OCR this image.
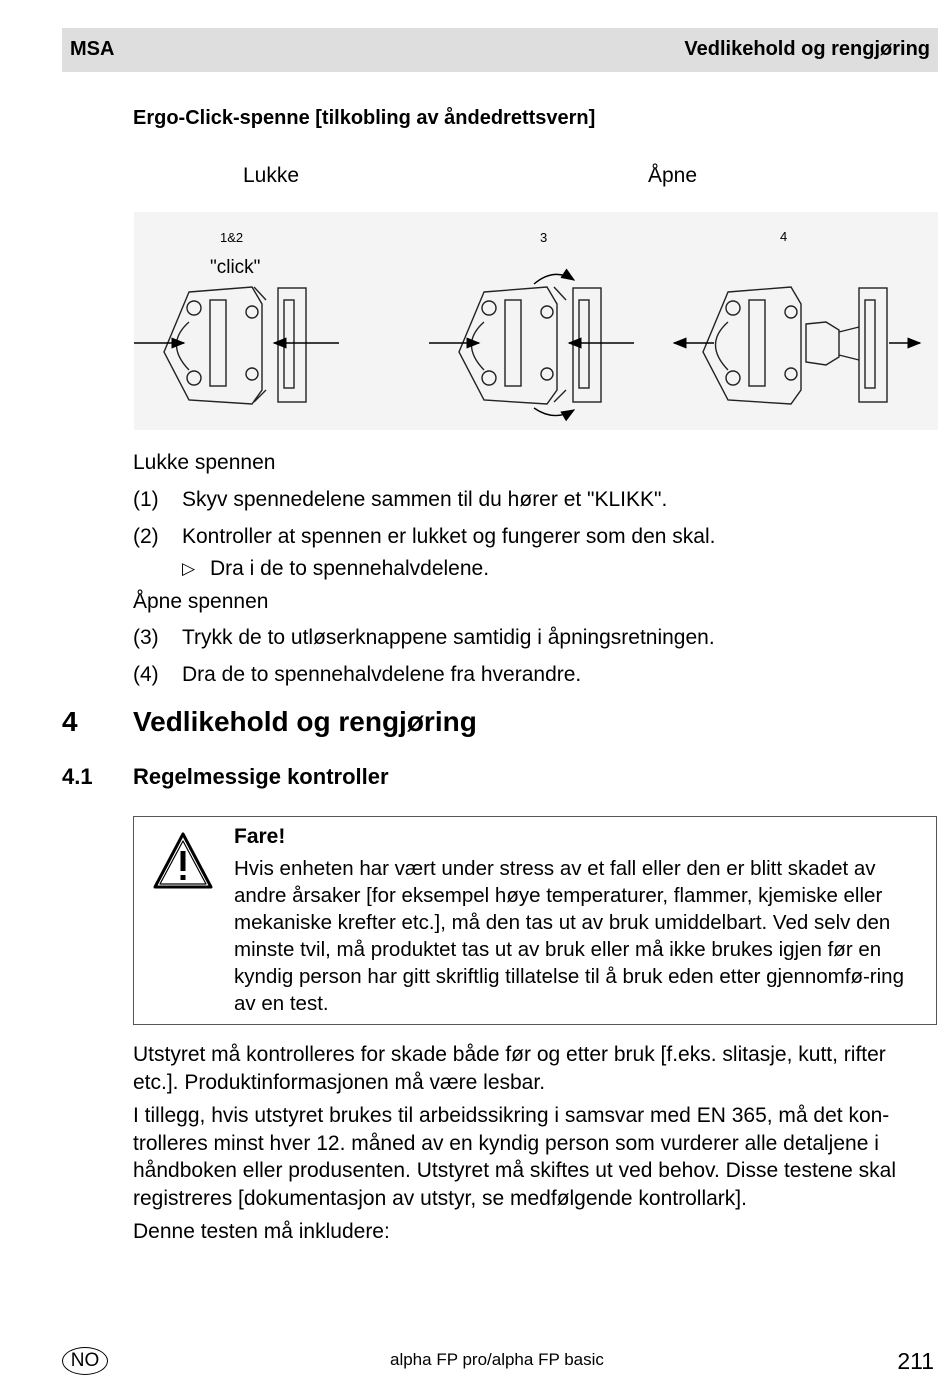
MSA	Vedlikehold og rengjøring
Ergo-Click-spenne [tilkobling av åndedrettsvern]
Lukke	Åpne
1&2	3	4
"click"
Lukke spennen
(1) Skyv spennedelene sammen til du hører et "KLIKK".
(2) Kontroller at spennen er lukket og fungerer som den skal.
▷ Dra i de to spennehalvdelene.
Åpne spennen
(3) Trykk de to utløserknappene samtidig i åpningsretningen.
(4) Dra de to spennehalvdelene fra hverandre.
4 Vedlikehold og rengjøring
4.1 Regelmessige kontroller
Fare!
Hvis enheten har vært under stress av et fall eller den er blitt skadet av andre årsaker [for eksempel høye temperaturer, flammer, kjemiske eller mekaniske krefter etc.], må den tas ut av bruk umiddelbart. Ved selv den minste tvil, må produktet tas ut av bruk eller må ikke brukes igjen før en kyndig person har gitt skriftlig tillatelse til å bruk eden etter gjennomfø-ring av en test.
Utstyret må kontrolleres for skade både før og etter bruk [f.eks. slitasje, kutt, rifter etc.]. Produktinformasjonen må være lesbar.
I tillegg, hvis utstyret brukes til arbeidssikring i samsvar med EN 365, må det kon-trolleres minst hver 12. måned av en kyndig person som vurderer alle detaljene i håndboken eller produsenten. Utstyret må skiftes ut ved behov. Disse testene skal registreres [dokumentasjon av utstyr, se medfølgende kontrollark].
Denne testen må inkludere:
NO	alpha FP pro/alpha FP basic	211
